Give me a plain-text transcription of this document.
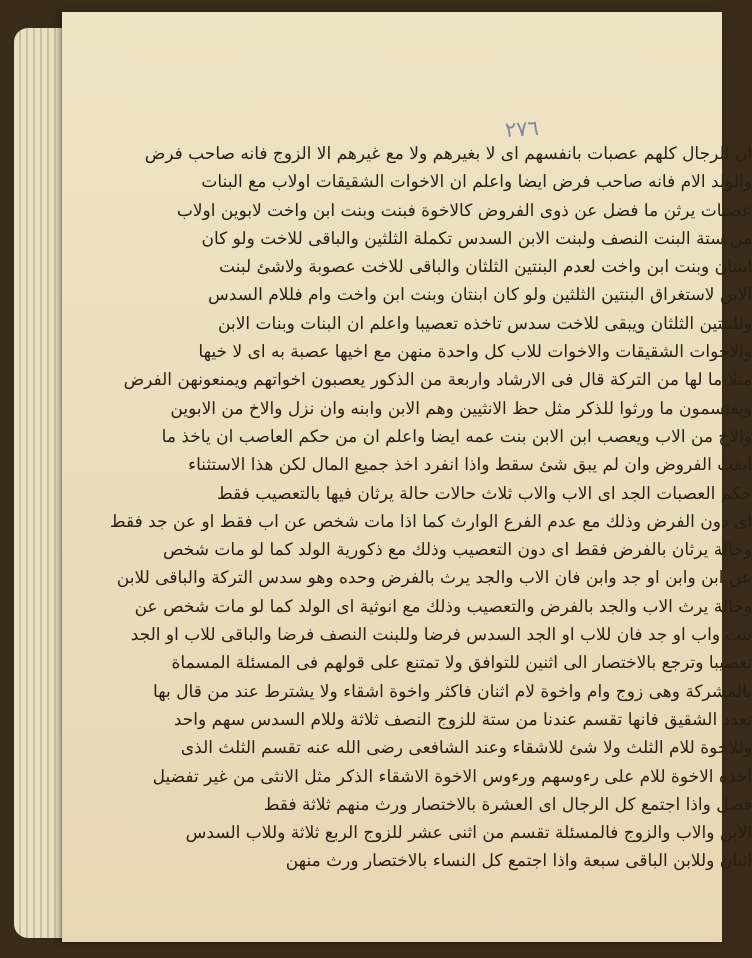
٢٧٦
ان الرجال كلهم عصبات بانفسهم اى لا بغيرهم ولا مع غيرهم الا الزوج فانه صاحب فرض
والولد الام فانه صاحب فرض ايضا واعلم ان الاخوات الشقيقات اولاب مع البنات
عصبات يرثن ما فضل عن ذوى الفروض كالاخوة فبنت وبنت ابن واخت لابوين اولاب
من ستة البنت النصف ولبنت الابن السدس تكملة الثلثين والباقى للاخت ولو كان
ابنتان وبنت ابن واخت لعدم البنتين الثلثان والباقى للاخت عصوبة ولاشئ لبنت
الابن لاستغراق البنتين الثلثين ولو كان ابنتان وبنت ابن واخت وام فللام السدس
وللبنتين الثلثان ويبقى للاخت سدس تاخذه تعصيبا واعلم ان البنات وبنات الابن
والاخوات الشقيقات والاخوات للاب كل واحدة منهن مع اخيها عصبة به اى لا خيها
مثلا ما لها من التركة قال فى الارشاد واربعة من الذكور يعصبون اخواتهم ويمنعونهن الفرض
ويقتسمون ما ورثوا للذكر مثل حظ الانثيين وهم الابن وابنه وان نزل والاخ من الابوين
والاخ من الاب ويعصب ابن الابن بنت عمه ايضا واعلم ان من حكم العاصب ان ياخذ ما
ابقت الفروض وان لم يبق شئ سقط واذا انفرد اخذ جميع المال لكن هذا الاستثناء
حكم العصبات الجد اى الاب والاب ثلاث حالات حالة يرثان فيها بالتعصيب فقط
اى دون الفرض وذلك مع عدم الفرع الوارث كما اذا مات شخص عن اب فقط او عن جد فقط
وحالة يرثان بالفرض فقط اى دون التعصيب وذلك مع ذكورية الولد كما لو مات شخص
عن ابن وابن او جد وابن فان الاب والجد يرث بالفرض وحده وهو سدس التركة والباقى للابن
وحالة يرث الاب والجد بالفرض والتعصيب وذلك مع انوثية اى الولد كما لو مات شخص عن
بنت واب او جد فان للاب او الجد السدس فرضا وللبنت النصف فرضا والباقى للاب او الجد
تعصيبا وترجع بالاختصار الى اثنين للتوافق ولا تمتنع على قولهم فى المسئلة المسماة
بالمشركة وهى زوج وام واخوة لام اثنان فاكثر واخوة اشقاء ولا يشترط عند من قال بها
تعدد الشقيق فانها تقسم عندنا من ستة للزوج النصف ثلاثة وللام السدس سهم واحد
وللاخوة للام الثلث ولا شئ للاشقاء وعند الشافعى رضى الله عنه تقسم الثلث الذى
اخذه الاخوة للام على رءوسهم ورءوس الاخوة الاشقاء الذكر مثل الانثى من غير تفضيل
فصل واذا اجتمع كل الرجال اى العشرة بالاختصار ورث منهم ثلاثة فقط
الابن والاب والزوج فالمسئلة تقسم من اثنى عشر للزوج الربع ثلاثة وللاب السدس
اثنان وللابن الباقى سبعة واذا اجتمع كل النساء بالاختصار ورث منهن
